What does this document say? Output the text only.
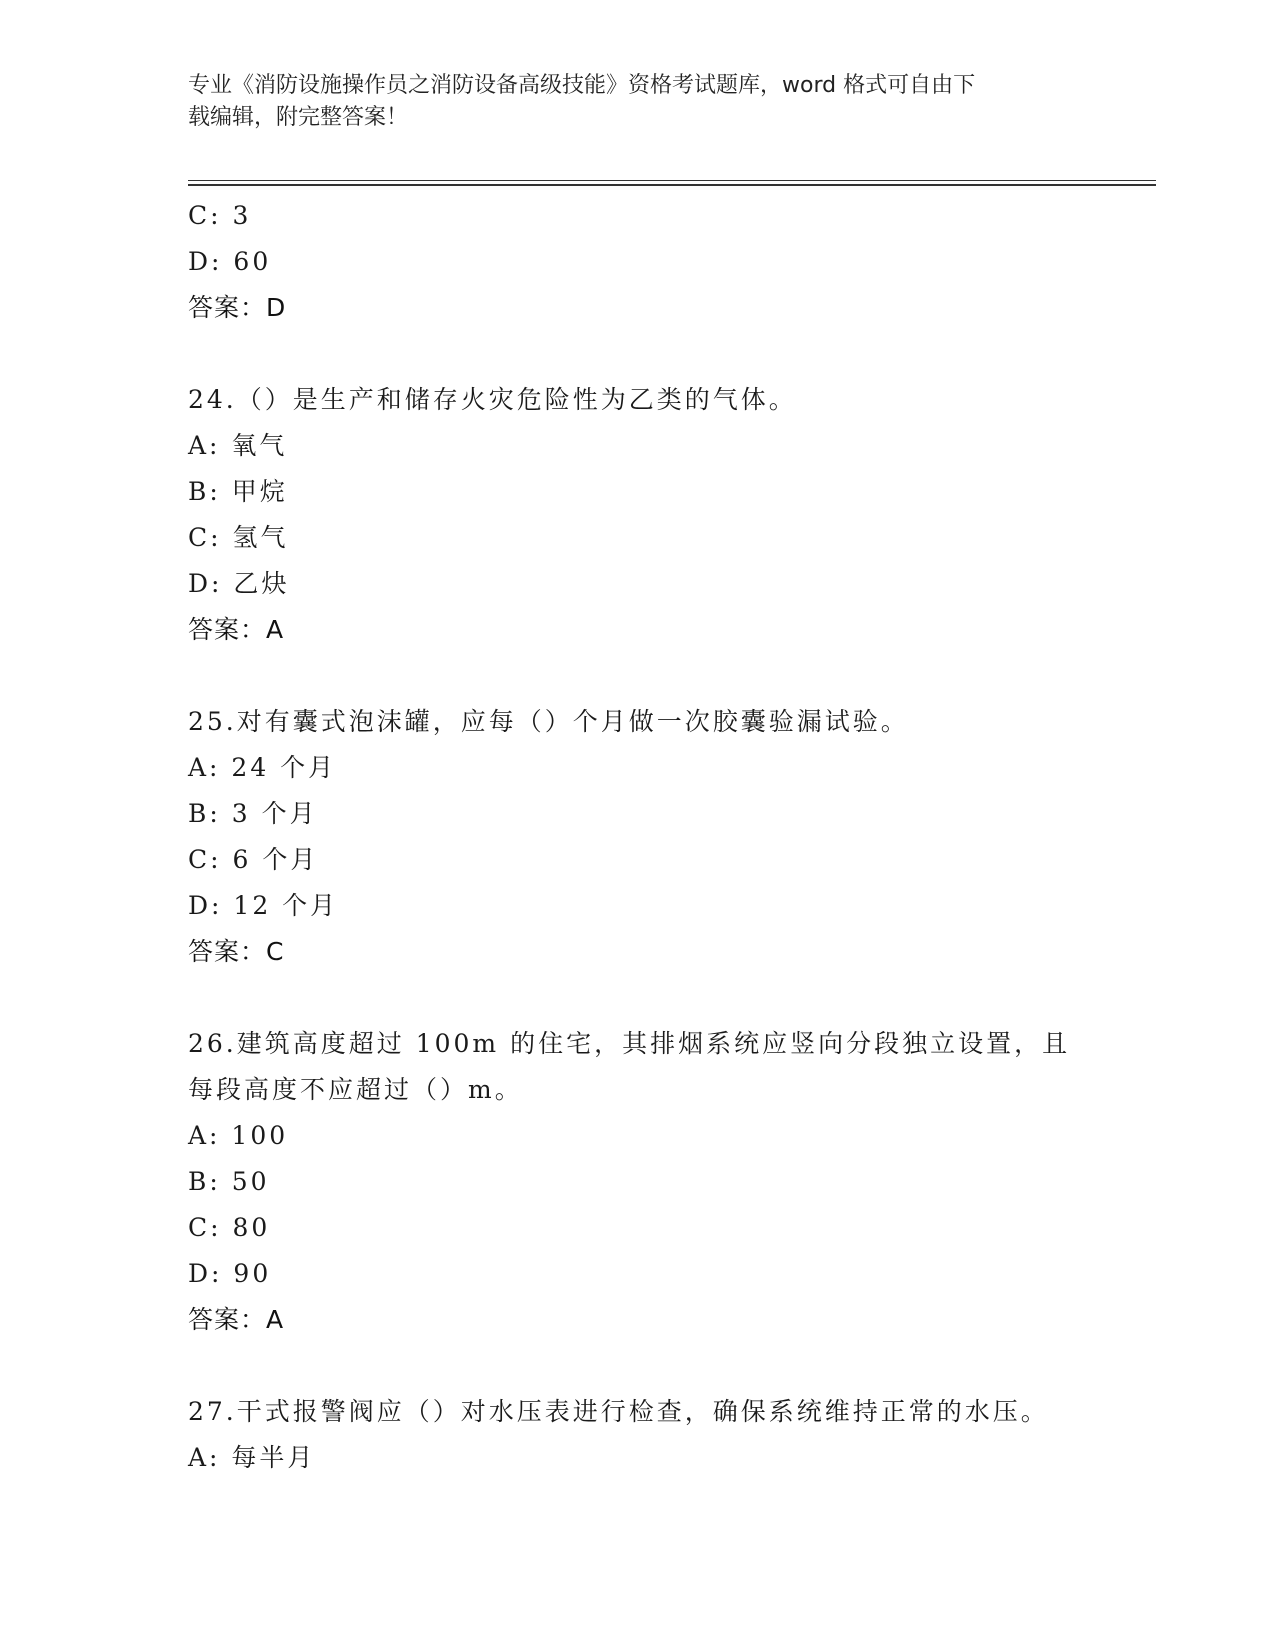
专业《消防设施操作员之消防设备高级技能》资格考试题库，word 格式可自由下
载编辑，附完整答案！
C: 3
D: 60
答案：D
24.（）是生产和储存火灾危险性为乙类的气体。
A: 氧气
B: 甲烷
C: 氢气
D: 乙炔
答案：A
25.对有囊式泡沫罐，应每（）个月做一次胶囊验漏试验。
A: 24 个月
B: 3 个月
C: 6 个月
D: 12 个月
答案：C
26.建筑高度超过 100m 的住宅，其排烟系统应竖向分段独立设置，且
每段高度不应超过（）m。
A: 100
B: 50
C: 80
D: 90
答案：A
27.干式报警阀应（）对水压表进行检查，确保系统维持正常的水压。
A: 每半月
